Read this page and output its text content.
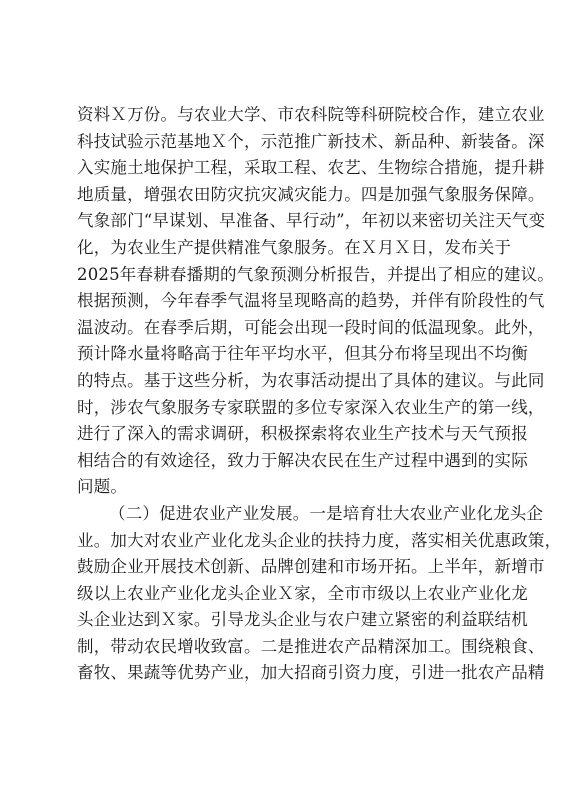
资料Ｘ万份。与农业大学、市农科院等科研院校合作，建立农业
科技试验示范基地Ｘ个，示范推广新技术、新品种、新装备。深
入实施土地保护工程，采取工程、农艺、生物综合措施，提升耕
地质量，增强农田防灾抗灾减灾能力。四是加强气象服务保障。
气象部门“早谋划、早准备、早行动”，年初以来密切关注天气变
化，为农业生产提供精准气象服务。在Ｘ月Ｘ日，发布关于
2025年春耕春播期的气象预测分析报告，并提出了相应的建议。
根据预测，今年春季气温将呈现略高的趋势，并伴有阶段性的气
温波动。在春季后期，可能会出现一段时间的低温现象。此外，
预计降水量将略高于往年平均水平，但其分布将呈现出不均衡
的特点。基于这些分析，为农事活动提出了具体的建议。与此同
时，涉农气象服务专家联盟的多位专家深入农业生产的第一线，
进行了深入的需求调研，积极探索将农业生产技术与天气预报
相结合的有效途径，致力于解决农民在生产过程中遇到的实际
问题。
（二）促进农业产业发展。一是培育壮大农业产业化龙头企
业。加大对农业产业化龙头企业的扶持力度，落实相关优惠政策，
鼓励企业开展技术创新、品牌创建和市场开拓。上半年，新增市
级以上农业产业化龙头企业Ｘ家，全市市级以上农业产业化龙
头企业达到Ｘ家。引导龙头企业与农户建立紧密的利益联结机
制，带动农民增收致富。二是推进农产品精深加工。围绕粮食、
畜牧、果蔬等优势产业，加大招商引资力度，引进一批农产品精
